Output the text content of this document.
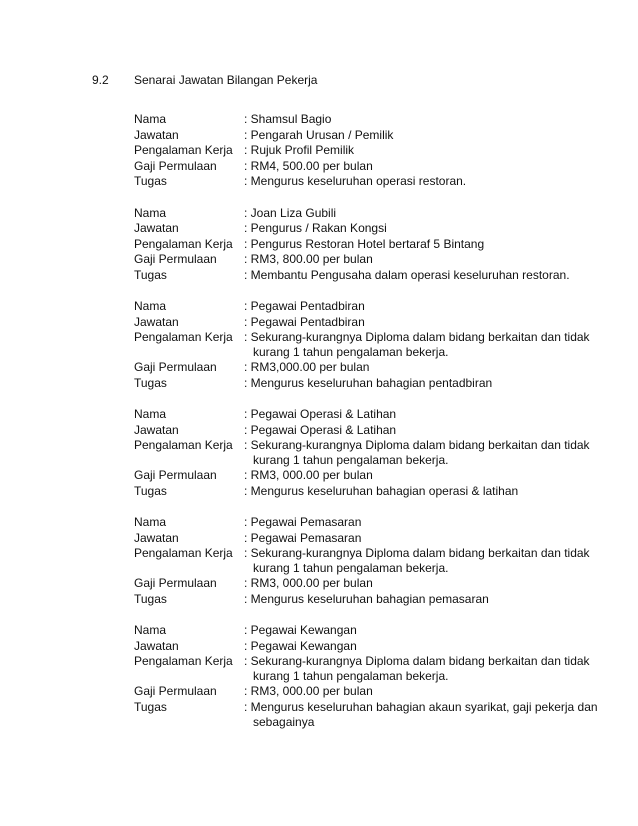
9.2	Senarai Jawatan Bilangan Pekerja
Nama	: Shamsul Bagio
Jawatan	: Pengarah Urusan / Pemilik
Pengalaman Kerja : Rujuk Profil Pemilik
Gaji Permulaan	: RM4, 500.00 per bulan
Tugas	: Mengurus keseluruhan operasi restoran.
Nama	: Joan Liza Gubili
Jawatan	: Pengurus / Rakan Kongsi
Pengalaman Kerja : Pengurus Restoran Hotel bertaraf 5 Bintang
Gaji Permulaan	: RM3, 800.00 per bulan
Tugas	: Membantu Pengusaha dalam operasi keseluruhan restoran.
Nama	: Pegawai Pentadbiran
Jawatan	: Pegawai Pentadbiran
Pengalaman Kerja : Sekurang-kurangnya Diploma dalam bidang berkaitan dan tidak kurang 1 tahun pengalaman bekerja.
Gaji Permulaan	: RM3,000.00 per bulan
Tugas	: Mengurus keseluruhan bahagian pentadbiran
Nama	: Pegawai Operasi & Latihan
Jawatan	: Pegawai Operasi & Latihan
Pengalaman Kerja : Sekurang-kurangnya Diploma dalam bidang berkaitan dan tidak kurang 1 tahun pengalaman bekerja.
Gaji Permulaan	: RM3, 000.00 per bulan
Tugas	: Mengurus keseluruhan bahagian operasi & latihan
Nama	: Pegawai Pemasaran
Jawatan	: Pegawai Pemasaran
Pengalaman Kerja : Sekurang-kurangnya Diploma dalam bidang berkaitan dan tidak kurang 1 tahun pengalaman bekerja.
Gaji Permulaan	: RM3, 000.00 per bulan
Tugas	: Mengurus keseluruhan bahagian pemasaran
Nama	: Pegawai Kewangan
Jawatan	: Pegawai Kewangan
Pengalaman Kerja : Sekurang-kurangnya Diploma dalam bidang berkaitan dan tidak kurang 1 tahun pengalaman bekerja.
Gaji Permulaan	: RM3, 000.00 per bulan
Tugas	: Mengurus keseluruhan bahagian akaun syarikat, gaji pekerja dan sebagainya
